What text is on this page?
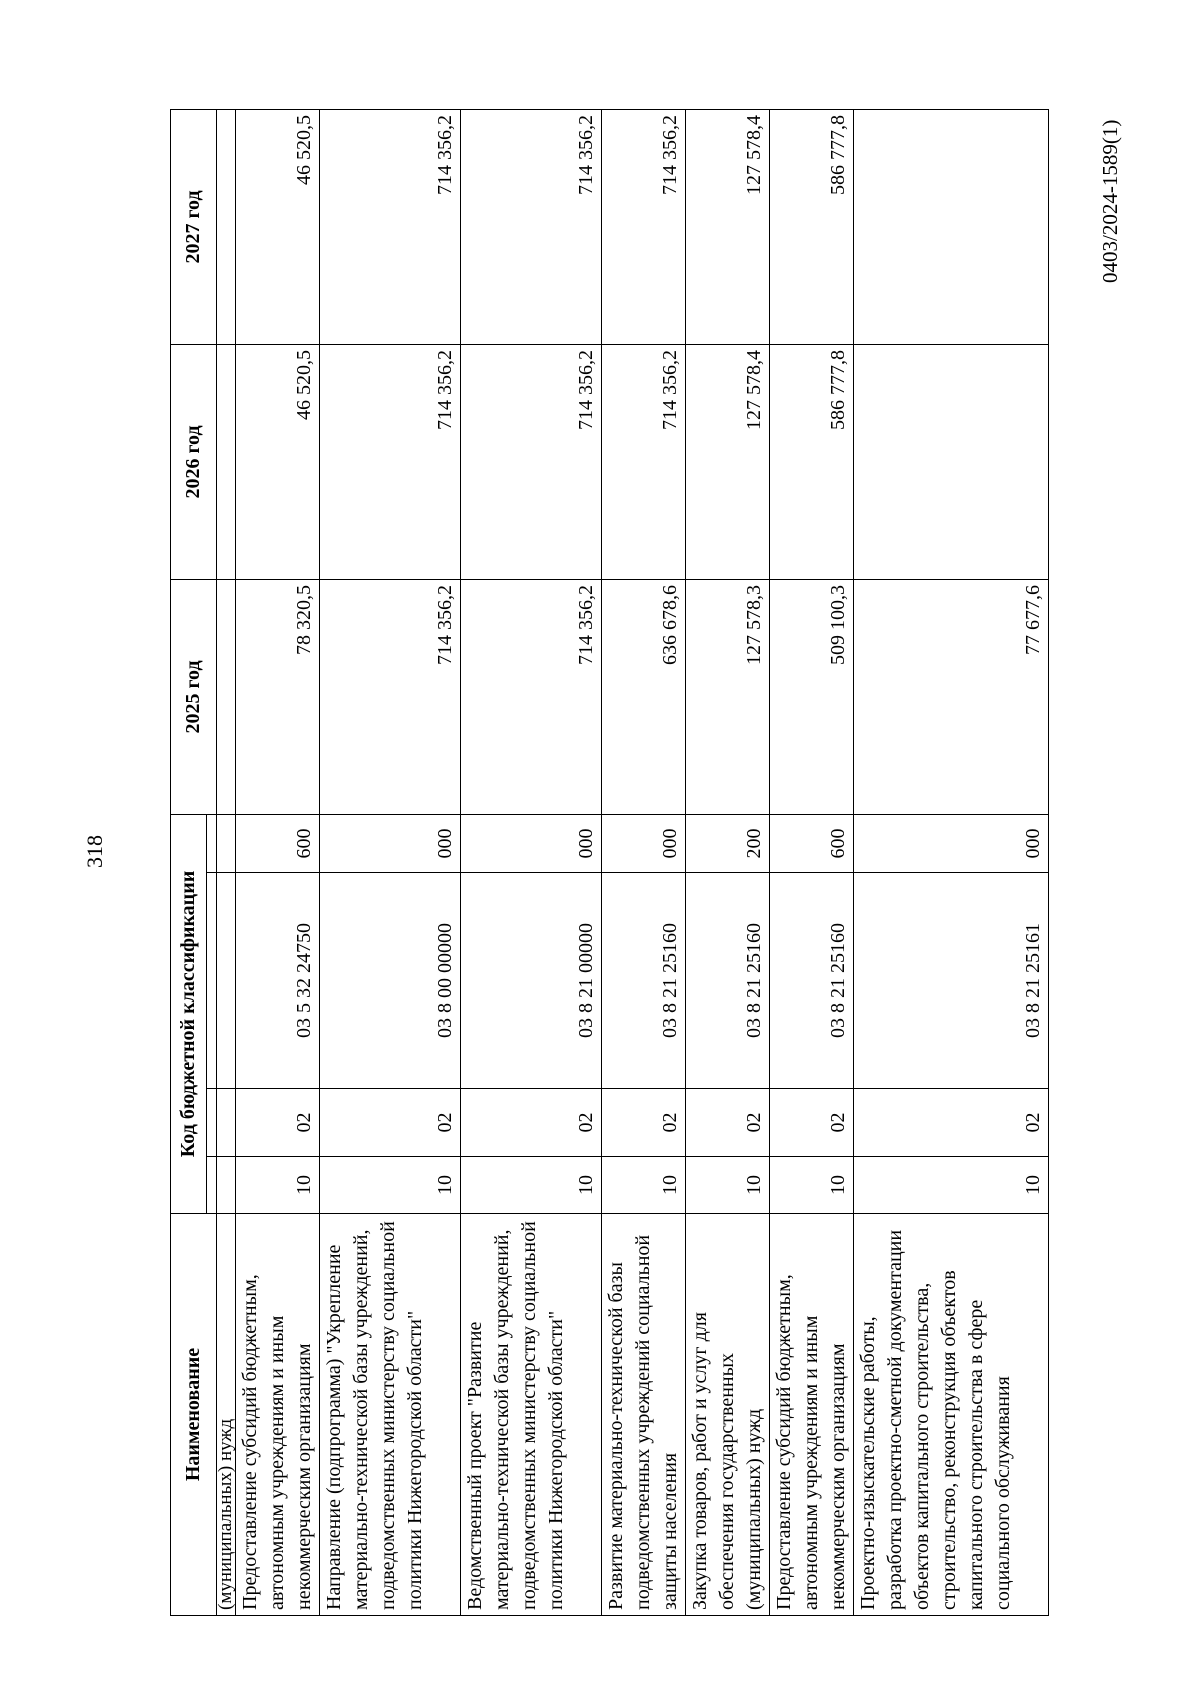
318
Наименование	Код бюджетной классификации				2025 год	2026 год	2027 год

(муниципальных) нужд							
Предоставление субсидий бюджетным, автономным учреждениям и иным некоммерческим организациям	10	02	03 5 32 24750	600	78 320,5	46 520,5	46 520,5
Направление (подпрограмма) "Укрепление материально-технической базы учреждений, подведомственных министерству социальной политики Нижегородской области"	10	02	03 8 00 00000	000	714 356,2	714 356,2	714 356,2
Ведомственный проект "Развитие материально-технической базы учреждений, подведомственных министерству социальной политики Нижегородской области"	10	02	03 8 21 00000	000	714 356,2	714 356,2	714 356,2
Развитие материально-технической базы подведомственных учреждений социальной защиты населения	10	02	03 8 21 25160	000	636 678,6	714 356,2	714 356,2
Закупка товаров, работ и услуг для обеспечения государственных (муниципальных) нужд	10	02	03 8 21 25160	200	127 578,3	127 578,4	127 578,4
Предоставление субсидий бюджетным, автономным учреждениям и иным некоммерческим организациям	10	02	03 8 21 25160	600	509 100,3	586 777,8	586 777,8
Проектно-изыскательские работы, разработка проектно-сметной документации объектов капитального строительства, строительство, реконструкция объектов капитального строительства в сфере социального обслуживания	10	02	03 8 21 25161	000	77 677,6		
0403/2024-1589(1)
